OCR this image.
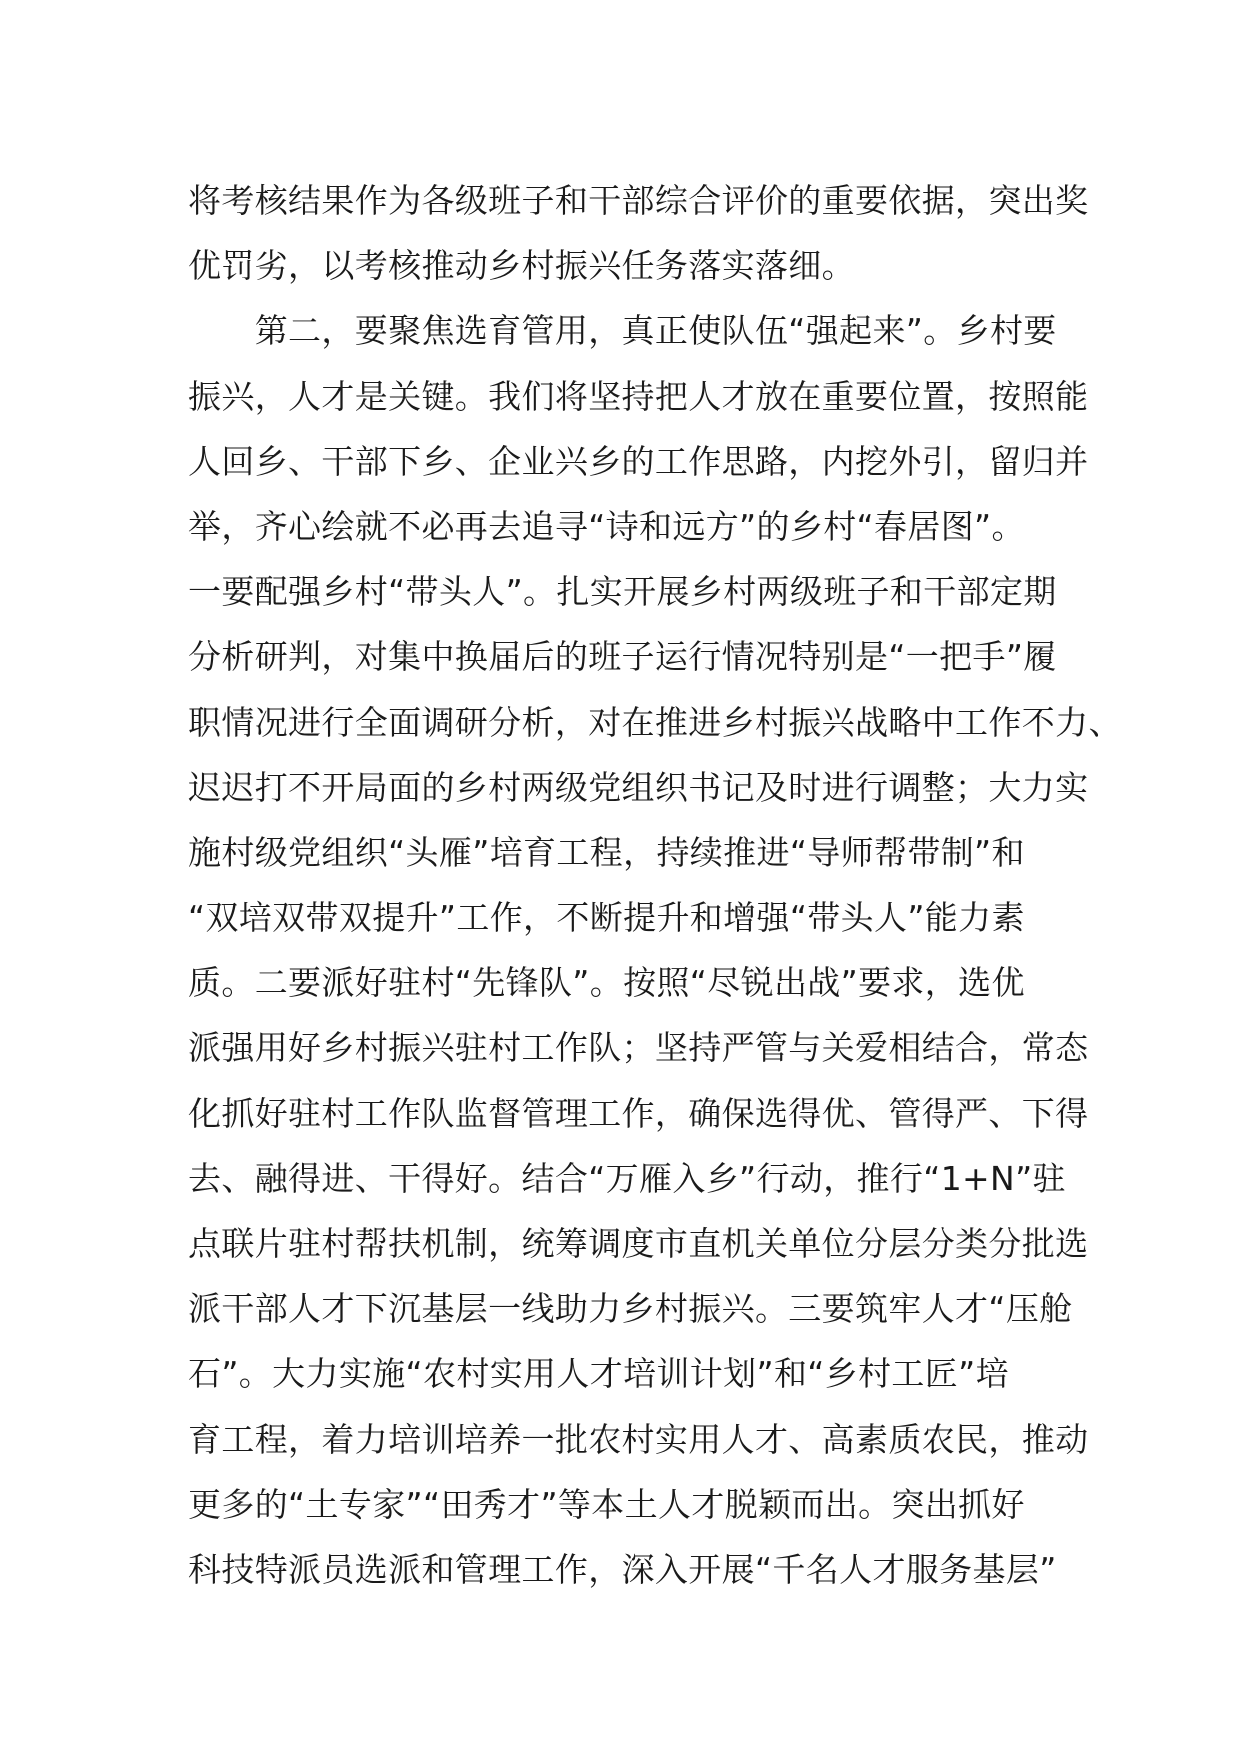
将考核结果作为各级班子和干部综合评价的重要依据，突出奖
优罚劣，以考核推动乡村振兴任务落实落细。
　　第二，要聚焦选育管用，真正使队伍“强起来”。乡村要
振兴，人才是关键。我们将坚持把人才放在重要位置，按照能
人回乡、干部下乡、企业兴乡的工作思路，内挖外引，留归并
举，齐心绘就不必再去追寻“诗和远方”的乡村“春居图”。
一要配强乡村“带头人”。扎实开展乡村两级班子和干部定期
分析研判，对集中换届后的班子运行情况特别是“一把手”履
职情况进行全面调研分析，对在推进乡村振兴战略中工作不力、
迟迟打不开局面的乡村两级党组织书记及时进行调整；大力实
施村级党组织“头雁”培育工程，持续推进“导师帮带制”和
“双培双带双提升”工作，不断提升和增强“带头人”能力素
质。二要派好驻村“先锋队”。按照“尽锐出战”要求，选优
派强用好乡村振兴驻村工作队；坚持严管与关爱相结合，常态
化抓好驻村工作队监督管理工作，确保选得优、管得严、下得
去、融得进、干得好。结合“万雁入乡”行动，推行“1+N”驻
点联片驻村帮扶机制，统筹调度市直机关单位分层分类分批选
派干部人才下沉基层一线助力乡村振兴。三要筑牢人才“压舱
石”。大力实施“农村实用人才培训计划”和“乡村工匠”培
育工程，着力培训培养一批农村实用人才、高素质农民，推动
更多的“土专家”“田秀才”等本土人才脱颖而出。突出抓好
科技特派员选派和管理工作，深入开展“千名人才服务基层”
